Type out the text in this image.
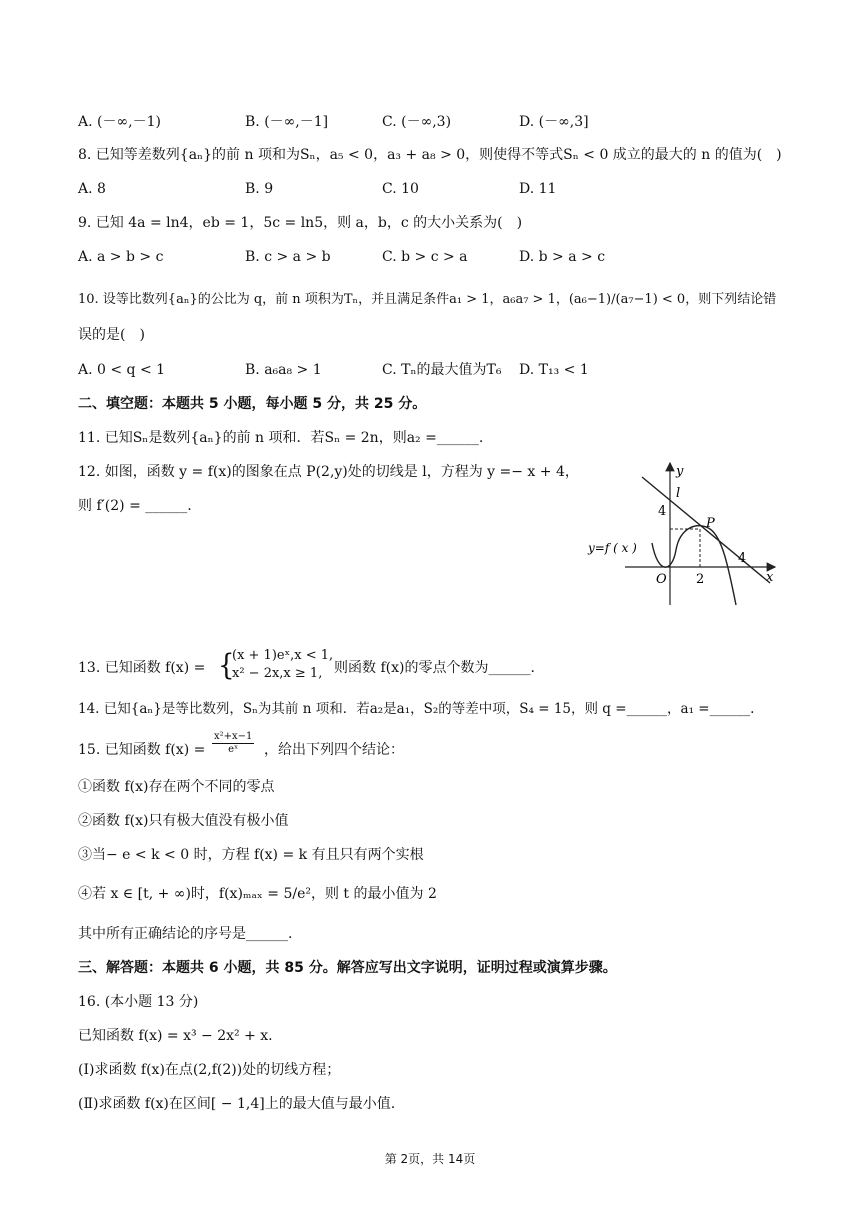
A. (－∞,－1)	B. (－∞,－1]	C. (－∞,3)	D. (－∞,3]
8. 已知等差数列{aₙ}的前 n 项和为Sₙ，a₅ < 0，a₃ + a₈ > 0，则使得不等式Sₙ < 0 成立的最大的 n 的值为(　)
A. 8	B. 9	C. 10	D. 11
9. 已知 4a = ln4，eb = 1，5c = ln5，则 a，b，c 的大小关系为(　)
A. a > b > c	B. c > a > b	C. b > c > a	D. b > a > c
10. 设等比数列{aₙ}的公比为 q，前 n 项积为Tₙ，并且满足条件a₁ > 1，a₆a₇ > 1，(a₆−1)/(a₇−1) < 0，则下列结论错
误的是(　)
A. 0 < q < 1	B. a₆a₈ > 1	C. Tₙ的最大值为T₆ D. T₁₃ < 1
二、填空题：本题共 5 小题，每小题 5 分，共 25 分。
11. 已知Sₙ是数列{aₙ}的前 n 项和．若Sₙ = 2n，则a₂ =______.
12. 如图，函数 y = f(x)的图象在点 P(2,y)处的切线是 l，方程为 y =− x + 4，
则 f′(2) = ______.
y
x
O
l
P
y=f ( x )
4
2
4
13. 已知函数 f(x) = {
(x + 1)eˣ,x < 1,
x² − 2x,x ≥ 1, 则函数 f(x)的零点个数为______.
14. 已知{aₙ}是等比数列，Sₙ为其前 n 项和．若a₂是a₁，S₂的等差中项，S₄ = 15，则 q =______，a₁ =______.
15. 已知函数 $f(x) = \frac{\text{x²+x−1}}{\text{eˣ}}$ ，给出下列四个结论：
①函数 f(x)存在两个不同的零点
②函数 f(x)只有极大值没有极小值
③当− e < k < 0 时，方程 f(x) = k 有且只有两个实根
④若 x ∈ [t, + ∞)时，f(x)ₘₐₓ = 5/e²，则 t 的最小值为 2
其中所有正确结论的序号是______.
三、解答题：本题共 6 小题，共 85 分。解答应写出文字说明，证明过程或演算步骤。
16. (本小题 13 分)
已知函数 f(x) = x³ − 2x² + x.
(Ⅰ)求函数 f(x)在点(2,f(2))处的切线方程；
(Ⅱ)求函数 f(x)在区间[ − 1,4]上的最大值与最小值.
第 2页，共 14页
